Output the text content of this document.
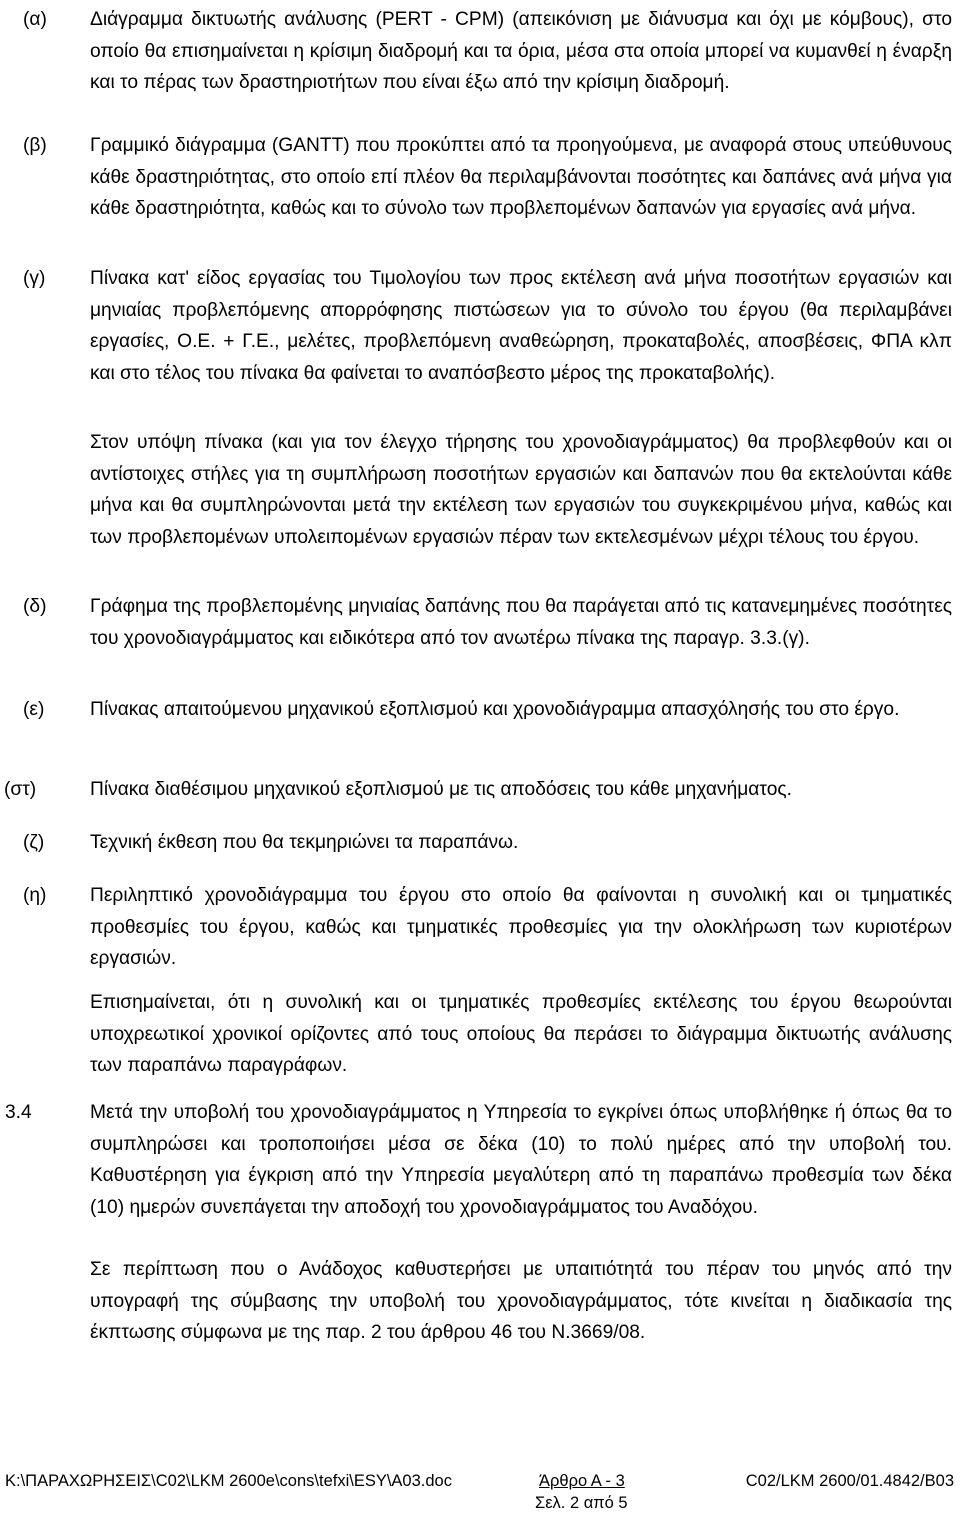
(α) Διάγραμμα δικτυωτής ανάλυσης (PERT - CPM) (απεικόνιση με διάνυσμα και όχι με κόμβους), στο οποίο θα επισημαίνεται η κρίσιμη διαδρομή και τα όρια, μέσα στα οποία μπορεί να κυμανθεί η έναρξη και το πέρας των δραστηριοτήτων που είναι έξω από την κρίσιμη διαδρομή.
(β) Γραμμικό διάγραμμα (GANTT) που προκύπτει από τα προηγούμενα, με αναφορά στους υπεύθυνους κάθε δραστηριότητας, στο οποίο επί πλέον θα περιλαμβάνονται ποσότητες και δαπάνες ανά μήνα για κάθε δραστηριότητα, καθώς και το σύνολο των προβλεπομένων δαπανών για εργασίες ανά μήνα.
(γ) Πίνακα κατ' είδος εργασίας του Τιμολογίου των προς εκτέλεση ανά μήνα ποσοτήτων εργασιών και μηνιαίας προβλεπόμενης απορρόφησης πιστώσεων για το σύνολο του έργου (θα περιλαμβάνει εργασίες, Ο.Ε. + Γ.Ε., μελέτες, προβλεπόμενη αναθεώρηση, προκαταβολές, αποσβέσεις, ΦΠΑ κλπ και στο τέλος του πίνακα θα φαίνεται το αναπόσβεστο μέρος της προκαταβολής).
Στον υπόψη πίνακα (και για τον έλεγχο τήρησης του χρονοδιαγράμματος) θα προβλεφθούν και οι αντίστοιχες στήλες για τη συμπλήρωση ποσοτήτων εργασιών και δαπανών που θα εκτελούνται κάθε μήνα και θα συμπληρώνονται μετά την εκτέλεση των εργασιών του συγκεκριμένου μήνα, καθώς και των προβλεπομένων υπολειπομένων εργασιών πέραν των εκτελεσμένων μέχρι τέλους του έργου.
(δ) Γράφημα της προβλεπομένης μηνιαίας δαπάνης που θα παράγεται από τις κατανεμημένες ποσότητες του χρονοδιαγράμματος και ειδικότερα από τον ανωτέρω πίνακα της παραγρ. 3.3.(γ).
(ε) Πίνακας απαιτούμενου μηχανικού εξοπλισμού και χρονοδιάγραμμα απασχόλησής του στο έργο.
(στ)	Πίνακα διαθέσιμου μηχανικού εξοπλισμού με τις αποδόσεις του κάθε μηχανήματος.
(ζ) Τεχνική έκθεση που θα τεκμηριώνει τα παραπάνω.
(η) Περιληπτικό χρονοδιάγραμμα του έργου στο οποίο θα φαίνονται η συνολική και οι τμηματικές προθεσμίες του έργου, καθώς και τμηματικές προθεσμίες για την ολοκλήρωση των κυριοτέρων εργασιών.
Επισημαίνεται, ότι η συνολική και οι τμηματικές προθεσμίες εκτέλεσης του έργου θεωρούνται υποχρεωτικοί χρονικοί ορίζοντες από τους οποίους θα περάσει το διάγραμμα δικτυωτής ανάλυσης των παραπάνω παραγράφων.
3.4	Μετά την υποβολή του χρονοδιαγράμματος η Υπηρεσία το εγκρίνει όπως υποβλήθηκε ή όπως θα το συμπληρώσει και τροποποιήσει μέσα σε δέκα (10) το πολύ ημέρες από την υποβολή του. Καθυστέρηση για έγκριση από την Υπηρεσία μεγαλύτερη από τη παραπάνω προθεσμία των δέκα (10) ημερών συνεπάγεται την αποδοχή του χρονοδιαγράμματος του Αναδόχου.
Σε περίπτωση που ο Ανάδοχος καθυστερήσει με υπαιτιότητά του πέραν του μηνός από την υπογραφή της σύμβασης την υποβολή του χρονοδιαγράμματος, τότε κινείται η διαδικασία της έκπτωσης σύμφωνα με της παρ. 2 του άρθρου 46 του Ν.3669/08.
K:\ΠΑΡΑΧΩΡΗΣΕΙΣ\C02\LKM 2600e\cons\tefxi\ESY\A03.doc	Άρθρο Α - 3	C02/LKM 2600/01.4842/B03
Σελ. 2 από 5
